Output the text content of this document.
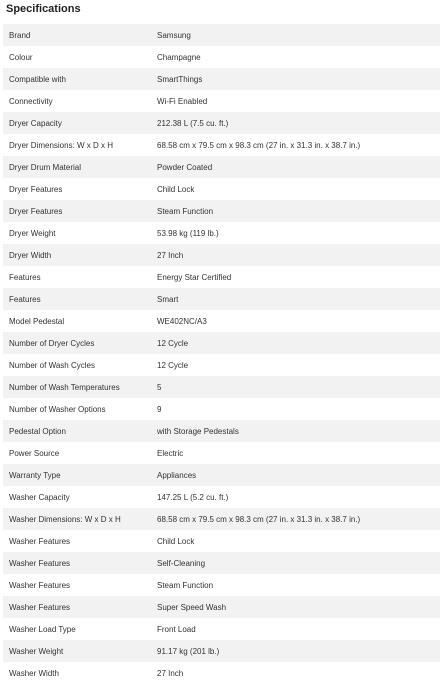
Specifications
Brand	Samsung
Colour	Champagne
Compatible with	SmartThings
Connectivity	Wi-Fi Enabled
Dryer Capacity	212.38 L (7.5 cu. ft.)
Dryer Dimensions: W x D x H	68.58 cm x 79.5 cm x 98.3 cm (27 in. x 31.3 in. x 38.7 in.)
Dryer Drum Material	Powder Coated
Dryer Features	Child Lock
Dryer Features	Steam Function
Dryer Weight	53.98 kg (119 lb.)
Dryer Width	27 Inch
Features	Energy Star Certified
Features	Smart
Model Pedestal	WE402NC/A3
Number of Dryer Cycles	12 Cycle
Number of Wash Cycles	12 Cycle
Number of Wash Temperatures	5
Number of Washer Options	9
Pedestal Option	with Storage Pedestals
Power Source	Electric
Warranty Type	Appliances
Washer Capacity	147.25 L (5.2 cu. ft.)
Washer Dimensions: W x D x H	68.58 cm x 79.5 cm x 98.3 cm (27 in. x 31.3 in. x 38.7 in.)
Washer Features	Child Lock
Washer Features	Self-Cleaning
Washer Features	Steam Function
Washer Features	Super Speed Wash
Washer Load Type	Front Load
Washer Weight	91.17 kg (201 lb.)
Washer Width	27 Inch
